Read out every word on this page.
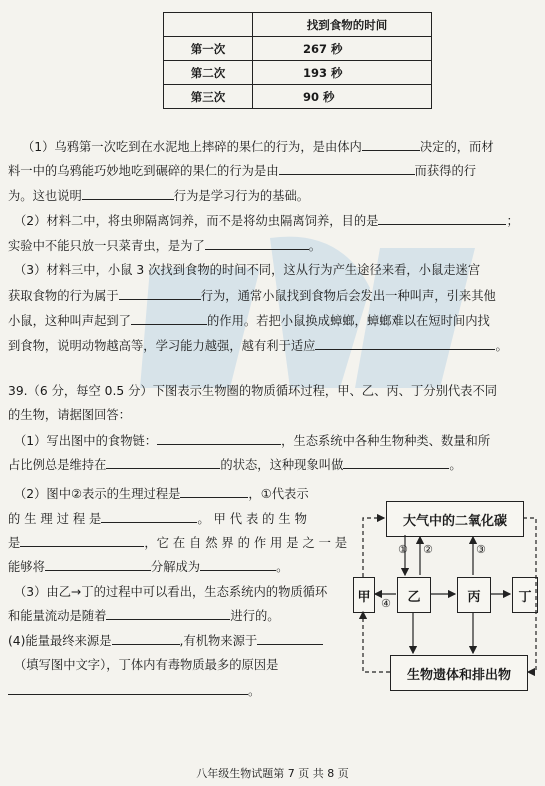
	找到食物的时间
第一次	267 秒
第二次	193 秒
第三次	90 秒
（1）乌鸦第一次吃到在水泥地上摔碎的果仁的行为，是由体内	决定的，而材
料一中的乌鸦能巧妙地吃到碾碎的果仁的行为是由	而获得的行
为。这也说明	行为是学习行为的基础。
（2）材料二中，将虫卵隔离饲养，而不是将幼虫隔离饲养，目的是	；
实验中不能只放一只菜青虫，是为了	。
（3）材料三中，小鼠 3 次找到食物的时间不同，这从行为产生途径来看，小鼠走迷宫
获取食物的行为属于	行为，通常小鼠找到食物后会发出一种叫声，引来其他
小鼠，这种叫声起到了	的作用。若把小鼠换成蟑螂，蟑螂难以在短时间内找
到食物，说明动物越高等，学习能力越强，越有利于适应	。
39.（6 分，每空 0.5 分）下图表示生物圈的物质循环过程，甲、乙、丙、丁分别代表不同
的生物，请据图回答：
（1）写出图中的食物链：	，生态系统中各种生物种类、数量和所
占比例总是维持在	的状态，这种现象叫做	。
（2）图中②表示的生理过程是	，①代表示
的 生 理 过 程 是	。 甲 代 表 的 生 物
是	，它 在 自 然 界 的 作 用 是 之 一 是
能够将	分解成为	。
（3）由乙→丁的过程中可以看出，生态系统内的物质循环
和能量流动是随着	进行的。
(4)能量最终来源是	,有机物来源于
（填写图中文字），丁体内有毒物质最多的原因是
。
大气中的二氧化碳
甲	乙	丙	丁
生物遗体和排出物
① ②	③
④
八年级生物试题第 7 页 共 8 页
